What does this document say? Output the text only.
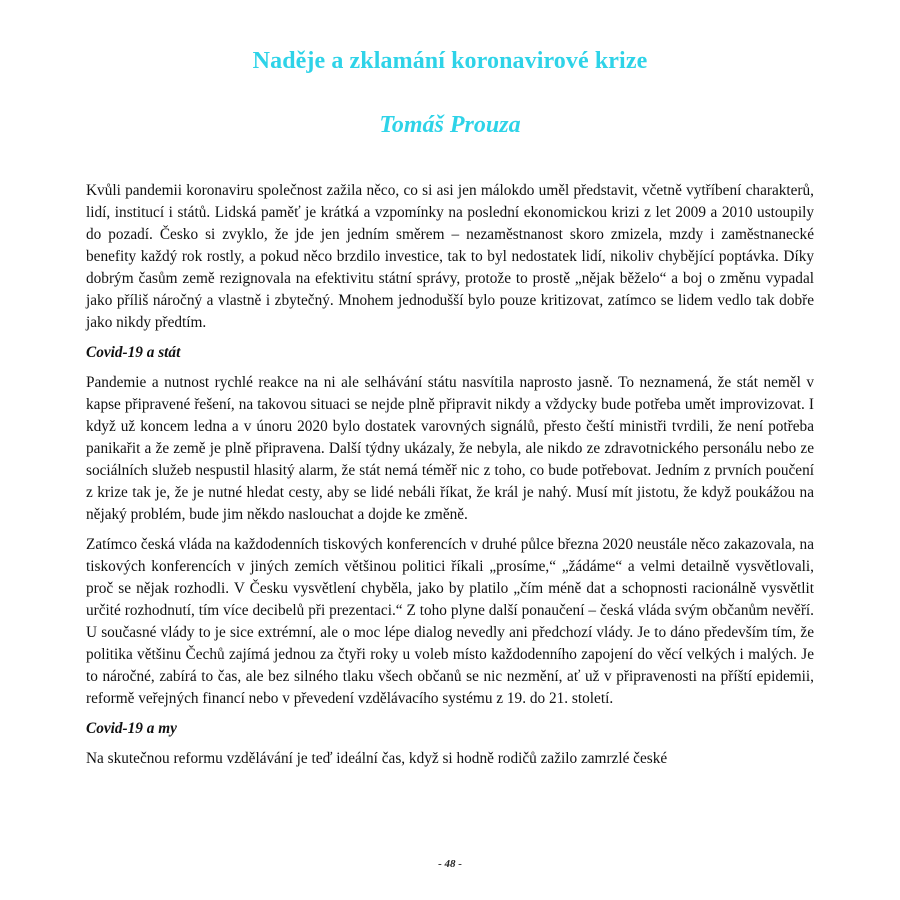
Naděje a zklamání koronavirové krize
Tomáš Prouza

Kvůli pandemii koronaviru společnost zažila něco, co si asi jen málokdo uměl představit, včetně vytříbení charakterů, lidí, institucí i států. Lidská paměť je krátká a vzpomínky na poslední ekonomickou krizi z let 2009 a 2010 ustoupily do pozadí. Česko si zvyklo, že jde jen jedním směrem – nezaměstnanost skoro zmizela, mzdy i zaměstnanecké benefity každý rok rostly, a pokud něco brzdilo investice, tak to byl nedostatek lidí, nikoliv chybějící poptávka. Díky dobrým časům země rezignovala na efektivitu státní správy, protože to prostě „nějak běželo“ a boj o změnu vypadal jako příliš náročný a vlastně i zbytečný. Mnohem jednodušší bylo pouze kritizovat, zatímco se lidem vedlo tak dobře jako nikdy předtím.

Covid-19 a stát

Pandemie a nutnost rychlé reakce na ni ale selhávání státu nasvítila naprosto jasně. To neznamená, že stát neměl v kapse připravené řešení, na takovou situaci se nejde plně připravit nikdy a vždycky bude potřeba umět improvizovat. I když už koncem ledna a v únoru 2020 bylo dostatek varovných signálů, přesto čeští ministři tvrdili, že není potřeba panikařit a že země je plně připravena. Další týdny ukázaly, že nebyla, ale nikdo ze zdravotnického personálu nebo ze sociálních služeb nespustil hlasitý alarm, že stát nemá téměř nic z toho, co bude potřebovat. Jedním z prvních poučení z krize tak je, že je nutné hledat cesty, aby se lidé nebáli říkat, že král je nahý. Musí mít jistotu, že když poukážou na nějaký problém, bude jim někdo naslouchat a dojde ke změně.

Zatímco česká vláda na každodenních tiskových konferencích v druhé půlce března 2020 neustále něco zakazovala, na tiskových konferencích v jiných zemích většinou politici říkali „prosíme,“ „žádáme“ a velmi detailně vysvětlovali, proč se nějak rozhodli. V Česku vysvětlení chyběla, jako by platilo „čím méně dat a schopnosti racionálně vysvětlit určité rozhodnutí, tím více decibelů při prezentaci.“ Z toho plyne další ponaučení – česká vláda svým občanům nevěří. U současné vlády to je sice extrémní, ale o moc lépe dialog nevedly ani předchozí vlády. Je to dáno především tím, že politika většinu Čechů zajímá jednou za čtyři roky u voleb místo každodenního zapojení do věcí velkých i malých. Je to náročné, zabírá to čas, ale bez silného tlaku všech občanů se nic nezmění, ať už v připravenosti na příští epidemii, reformě veřejných financí nebo v převedení vzdělávacího systému z 19. do 21. století.

Covid-19 a my

Na skutečnou reformu vzdělávání je teď ideální čas, když si hodně rodičů zažilo zamrzlé české

- 48 -
